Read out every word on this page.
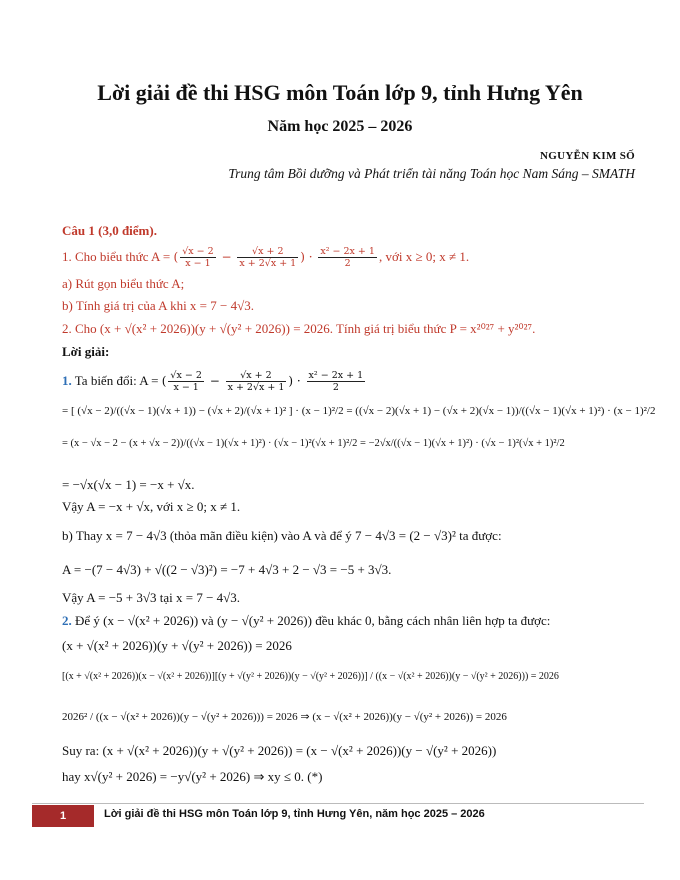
Lời giải đề thi HSG môn Toán lớp 9, tỉnh Hưng Yên
Năm học 2025 – 2026
NGUYỄN KIM SỐ
Trung tâm Bồi dưỡng và Phát triển tài năng Toán học Nam Sáng – SMATH
Câu 1 (3,0 điểm).
1. Cho biểu thức A = ( $\frac{√x - 2}{x - 1} - \frac{√x + 2}{x + 2√x + 1}$ ) · $\frac{\text{x² − 2x + 1}}{2}$ , với x ≥ 0; x ≠ 1.
a) Rút gọn biểu thức A;
b) Tính giá trị của A khi x = 7 − 4√3.
2. Cho (x + √(x² + 2026))(y + √(y² + 2026)) = 2026. Tính giá trị biểu thức P = x²⁰²⁷ + y²⁰²⁷.
Lời giải:
1. Ta biến đổi: A = ( $\frac{√x - 2}{x - 1} - \frac{√x + 2}{x + 2√x + 1}$ ) · $\frac{\text{x² − 2x + 1}}{2}$
= [ (√x − 2)/((√x − 1)(√x + 1)) − (√x + 2)/(√x + 1)² ] · (x − 1)²/2 = ((√x − 2)(√x + 1) − (√x + 2)(√x − 1))/((√x − 1)(√x + 1)²) · (x − 1)²/2
= (x − √x − 2 − (x + √x − 2))/((√x − 1)(√x + 1)²) · (√x − 1)²(√x + 1)²/2 = −2√x/((√x − 1)(√x + 1)²) · (√x − 1)²(√x + 1)²/2
= −√x(√x − 1) = −x + √x.
Vậy A = −x + √x, với x ≥ 0; x ≠ 1.
b) Thay x = 7 − 4√3 (thỏa mãn điều kiện) vào A và để ý 7 − 4√3 = (2 − √3)² ta được:
A = −(7 − 4√3) + √((2 − √3)²) = −7 + 4√3 + 2 − √3 = −5 + 3√3.
Vậy A = −5 + 3√3 tại x = 7 − 4√3.
2. Để ý (x − √(x² + 2026)) và (y − √(y² + 2026)) đều khác 0, bằng cách nhân liên hợp ta được:
(x + √(x² + 2026))(y + √(y² + 2026)) = 2026
[(x + √(x² + 2026))(x − √(x² + 2026))][(y + √(y² + 2026))(y − √(y² + 2026))] / ((x − √(x² + 2026))(y − √(y² + 2026))) = 2026
2026² / ((x − √(x² + 2026))(y − √(y² + 2026))) = 2026 ⇒ (x − √(x² + 2026))(y − √(y² + 2026)) = 2026
Suy ra: (x + √(x² + 2026))(y + √(y² + 2026)) = (x − √(x² + 2026))(y − √(y² + 2026))
hay x√(y² + 2026) = −y√(y² + 2026) ⇒ xy ≤ 0. (*)
1	Lời giải đề thi HSG môn Toán lớp 9, tỉnh Hưng Yên, năm học 2025 – 2026
